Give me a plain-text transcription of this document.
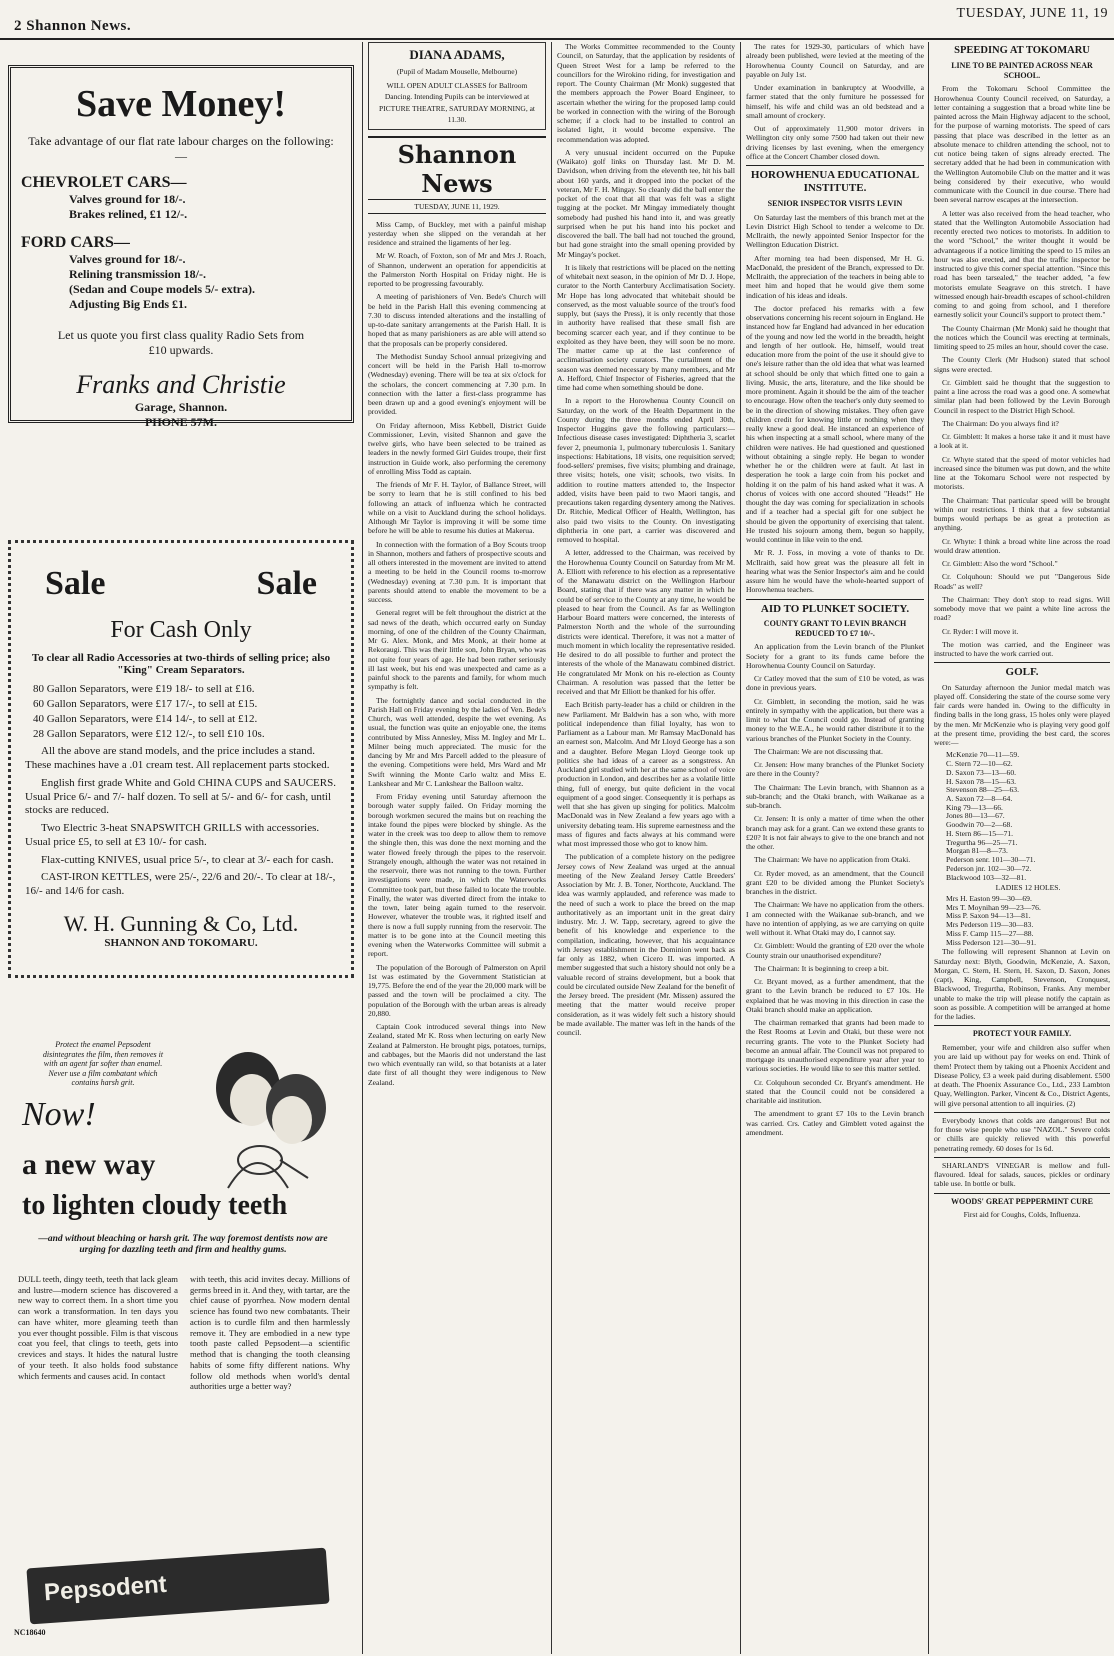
2 Shannon News.
TUESDAY, JUNE 11, 19
Save Money!
Take advantage of our flat rate labour charges on the following:—
CHEVROLET CARS—
Valves ground for 18/-.
Brakes relined, £1 12/-.
FORD CARS—
Valves ground for 18/-.
Relining transmission 18/-.
(Sedan and Coupe models 5/- extra).
Adjusting Big Ends £1.
Let us quote you first class quality Radio Sets from £10 upwards.
Franks and Christie
Garage, Shannon.
PHONE 57M.
Sale	Sale
For Cash Only
To clear all Radio Accessories at two-thirds of selling price; also "King" Cream Separators.
80 Gallon Separators, were £19 18/- to sell at £16.
60 Gallon Separators, were £17 17/-, to sell at £15.
40 Gallon Separators, were £14 14/-, to sell at £12.
28 Gallon Separators, were £12 12/-, to sell £10 10s.
All the above are stand models, and the price includes a stand. These machines have a .01 cream test. All replacement parts stocked.
English first grade White and Gold CHINA CUPS and SAUCERS. Usual Price 6/- and 7/- half dozen. To sell at 5/- and 6/- for cash, until stocks are reduced.
Two Electric 3-heat SNAPSWITCH GRILLS with accessories. Usual price £5, to sell at £3 10/- for cash.
Flax-cutting KNIVES, usual price 5/-, to clear at 3/- each for cash.
CAST-IRON KETTLES, were 25/-, 22/6 and 20/-. To clear at 18/-, 16/- and 14/6 for cash.
W. H. Gunning & Co, Ltd.
SHANNON AND TOKOMARU.
Protect the enamel Pepsodent disintegrates the film, then removes it with an agent far softer than enamel. Never use a film combatant which contains harsh grit.
Now!
a new way
to lighten cloudy teeth
—and without bleaching or harsh grit. The way foremost dentists now are urging for dazzling teeth and firm and healthy gums.
DULL teeth, dingy teeth, teeth that lack gleam and lustre—modern science has discovered a new way to correct them. In a short time you can work a transformation. In ten days you can have whiter, more gleaming teeth than you ever thought possible. Film is that viscous coat you feel, that clings to teeth, gets into crevices and stays. It hides the natural lustre of your teeth. It also holds food substance which ferments and causes acid. In contact
with teeth, this acid invites decay. Millions of germs breed in it. And they, with tartar, are the chief cause of pyorrhea. Now modern dental science has found two new combatants. Their action is to curdle film and then harmlessly remove it. They are embodied in a new type tooth paste called Pepsodent—a scientific method that is changing the tooth cleansing habits of some fifty different nations. Why follow old methods when world's dental authorities urge a better way?
Pepsodent
NC18640
DIANA ADAMS,
(Pupil of Madam Mouselle, Melbourne)
WILL OPEN ADULT CLASSES for Ballroom Dancing. Intending Pupils can be interviewed at PICTURE THEATRE, SATURDAY MORNING, at 11.30.
Shannon News
TUESDAY, JUNE 11, 1929.

Miss Camp, of Buckley, met with a painful mishap yesterday when she slipped on the verandah at her residence and strained the ligaments of her leg.

Mr W. Roach, of Foxton, son of Mr and Mrs J. Roach, of Shannon, underwent an operation for appendicitis at the Palmerston North Hospital on Friday night. He is reported to be progressing favourably.

A meeting of parishioners of Ven. Bede's Church will be held in the Parish Hall this evening commencing at 7.30 to discuss intended alterations and the installing of up-to-date sanitary arrangements at the Parish Hall. It is hoped that as many parishioners as are able will attend so that the proposals can be properly considered.

The Methodist Sunday School annual prizegiving and concert will be held in the Parish Hall to-morrow (Wednesday) evening. There will be tea at six o'clock for the scholars, the concert commencing at 7.30 p.m. In connection with the latter a first-class programme has been drawn up and a good evening's enjoyment will be provided.

On Friday afternoon, Miss Kebbell, District Guide Commissioner, Levin, visited Shannon and gave the twelve girls, who have been selected to be trained as leaders in the newly formed Girl Guides troupe, their first instruction in Guide work, also performing the ceremony of enrolling Miss Todd as captain.

The friends of Mr F. H. Taylor, of Ballance Street, will be sorry to learn that he is still confined to his bed following an attack of influenza which he contracted while on a visit to Auckland during the school holidays. Although Mr Taylor is improving it will be some time before he will be able to resume his duties at Makerua.

In connection with the formation of a Boy Scouts troop in Shannon, mothers and fathers of prospective scouts and all others interested in the movement are invited to attend a meeting to be held in the Council rooms to-morrow (Wednesday) evening at 7.30 p.m. It is important that parents should attend to enable the movement to be a success.

General regret will be felt throughout the district at the sad news of the death, which occurred early on Sunday morning, of one of the children of the County Chairman, Mr G. Alex. Monk, and Mrs Monk, at their home at Rekoraugi. This was their little son, John Bryan, who was not quite four years of age. He had been rather seriously ill last week, but his end was unexpected and came as a painful shock to the parents and family, for whom much sympathy is felt.

The fortnightly dance and social conducted in the Parish Hall on Friday evening by the ladies of Ven. Bede's Church, was well attended, despite the wet evening. As usual, the function was quite an enjoyable one, the items contributed by Miss Annesley, Miss M. Ingley and Mr L. Milner being much appreciated. The music for the dancing by Mr and Mrs Parcell added to the pleasure of the evening. Competitions were held, Mrs Ward and Mr Swift winning the Monte Carlo waltz and Miss E. Lankshear and Mr C. Lankshear the Balloon waltz.

From Friday evening until Saturday afternoon the borough water supply failed. On Friday morning the borough workmen secured the mains but on reaching the intake found the pipes were blocked by shingle. As the water in the creek was too deep to allow them to remove the shingle then, this was done the next morning and the water flowed freely through the pipes to the reservoir. Strangely enough, although the water was not retained in the reservoir, there was not running to the town. Further investigations were made, in which the Waterworks Committee took part, but these failed to locate the trouble. Finally, the water was diverted direct from the intake to the town, later being again turned to the reservoir. However, whatever the trouble was, it righted itself and there is now a full supply running from the reservoir. The matter is to be gone into at the Council meeting this evening when the Waterworks Committee will submit a report.

The population of the Borough of Palmerston on April 1st was estimated by the Government Statistician at 19,775. Before the end of the year the 20,000 mark will be passed and the town will be proclaimed a city. The population of the Borough with the urban areas is already 20,880.

Captain Cook introduced several things into New Zealand, stated Mr K. Ross when lecturing on early New Zealand at Palmerston. He brought pigs, potatoes, turnips, and cabbages, but the Maoris did not understand the last two which eventually ran wild, so that botanists at a later date first of all thought they were indigenous to New Zealand.

The Works Committee recommended to the County Council, on Saturday, that the application by residents of Queen Street West for a lamp be referred to the councillors for the Wirokino riding, for investigation and report. The County Chairman (Mr Monk) suggested that the members approach the Power Board Engineer, to ascertain whether the wiring for the proposed lamp could be worked in connection with the wiring of the Borough scheme; if a clock had to be installed to control an isolated light, it would become expensive. The recommendation was adopted.

A very unusual incident occurred on the Pupuke (Waikato) golf links on Thursday last. Mr D. M. Davidson, when driving from the eleventh tee, hit his ball about 160 yards, and it dropped into the pocket of the veteran, Mr F. H. Mingay. So cleanly did the ball enter the pocket of the coat that all that was felt was a slight tugging at the pocket. Mr Mingay immediately thought somebody had pushed his hand into it, and was greatly surprised when he put his hand into his pocket and discovered the ball. The ball had not touched the ground, but had gone straight into the small opening provided by Mr Mingay's pocket.

It is likely that restrictions will be placed on the netting of whitebait next season, in the opinion of Mr D. J. Hope, curator to the North Canterbury Acclimatisation Society. Mr Hope has long advocated that whitebait should be conserved, as the most valuable source of the trout's food supply, but (says the Press), it is only recently that those in authority have realised that these small fish are becoming scarcer each year, and if they continue to be exploited as they have been, they will soon be no more. The matter came up at the last conference of acclimatisation society curators. The curtailment of the season was deemed necessary by many members, and Mr A. Hefford, Chief Inspector of Fisheries, agreed that the time had come when something should be done.

In a report to the Horowhenua County Council on Saturday, on the work of the Health Department in the County during the three months ended April 30th, Inspector Huggins gave the following particulars:—Infectious disease cases investigated: Diphtheria 3, scarlet fever 2, pneumonia 1, pulmonary tuberculosis 1. Sanitary inspections: Habitations, 18 visits, one requisition served; food-sellers' premises, five visits; plumbing and drainage, three visits; hotels, one visit; schools, two visits. In addition to routine matters attended to, the Inspector added, visits have been paid to two Maori tangis, and precautions taken regarding dysentery among the Natives. Dr. Ritchie, Medical Officer of Health, Wellington, has also paid two visits to the County. On investigating diphtheria in one part, a carrier was discovered and removed to hospital.

A letter, addressed to the Chairman, was received by the Horowhenua County Council on Saturday from Mr M. A. Elliott with reference to his election as a representative of the Manawatu district on the Wellington Harbour Board, stating that if there was any matter in which he could be of service to the County at any time, he would be pleased to hear from the Council. As far as Wellington Harbour Board matters were concerned, the interests of Palmerston North and the whole of the surrounding districts were identical. Therefore, it was not a matter of much moment in which locality the representative resided. He desired to do all possible to further and protect the interests of the whole of the Manawatu combined district. He congratulated Mr Monk on his re-election as County Chairman. A resolution was passed that the letter be received and that Mr Elliott be thanked for his offer.

Each British party-leader has a child or children in the new Parliament. Mr Baldwin has a son who, with more political independence than filial loyalty, has won to Parliament as a Labour man. Mr Ramsay MacDonald has an earnest son, Malcolm. And Mr Lloyd George has a son and a daughter. Before Megan Lloyd George took up politics she had ideas of a career as a songstress. An Auckland girl studied with her at the same school of voice production in London, and describes her as a volatile little thing, full of energy, but quite deficient in the vocal equipment of a good singer. Consequently it is perhaps as well that she has given up singing for politics. Malcolm MacDonald was in New Zealand a few years ago with a university debating team. His supreme earnestness and the mass of figures and facts always at his command were what most impressed those who got to know him.

The publication of a complete history on the pedigree Jersey cows of New Zealand was urged at the annual meeting of the New Zealand Jersey Cattle Breeders' Association by Mr. J. B. Toner, Northcote, Auckland. The idea was warmly applauded, and reference was made to the need of such a work to place the breed on the map authoritatively as an important unit in the great dairy industry. Mr. J. W. Tapp, secretary, agreed to give the benefit of his knowledge and experience to the compilation, indicating, however, that his acquaintance with Jersey establishment in the Dominion went back as far only as 1882, when Cicero II. was imported. A member suggested that such a history should not only be a valuable record of strains development, but a book that could be circulated outside New Zealand for the benefit of the Jersey breed. The president (Mr. Missen) assured the meeting that the matter would receive proper consideration, as it was widely felt such a history should be made available. The matter was left in the hands of the council.

The rates for 1929-30, particulars of which have already been published, were levied at the meeting of the Horowhenua County Council on Saturday, and are payable on July 1st.

Under examination in bankruptcy at Woodville, a farmer stated that the only furniture he possessed for himself, his wife and child was an old bedstead and a small amount of crockery.

Out of approximately 11,900 motor drivers in Wellington city only some 7500 had taken out their new driving licenses by last evening, when the emergency office at the Concert Chamber closed down.

HOROWHENUA EDUCATIONAL INSTITUTE.
SENIOR INSPECTOR VISITS LEVIN

On Saturday last the members of this branch met at the Levin District High School to tender a welcome to Dr. McIlraith, the newly appointed Senior Inspector for the Wellington Education District.

After morning tea had been dispensed, Mr H. G. MacDonald, the president of the Branch, expressed to Dr. McIlraith, the appreciation of the teachers in being able to meet him and hoped that he would give them some indication of his ideas and ideals.

The doctor prefaced his remarks with a few observations concerning his recent sojourn in England. He instanced how far England had advanced in her education of the young and now led the world in the breadth, height and length of her outlook. He, himself, would treat education more from the point of the use it should give to one's leisure rather than the old idea that what was learned at school should be only that which fitted one to gain a living. Music, the arts, literature, and the like should be more prominent. Again it should be the aim of the teacher to encourage. How often the teacher's only duty seemed to be in the direction of showing mistakes. They often gave children credit for knowing little or nothing when they really knew a good deal. He instanced an experience of his when inspecting at a small school, where many of the children were natives. He had questioned and questioned without obtaining a single reply. He began to wonder whether he or the children were at fault. At last in desperation he took a large coin from his pocket and holding it on the palm of his hand asked what it was. A chorus of voices with one accord shouted "Heads!" He thought the day was coming for specialization in schools and if a teacher had a special gift for one subject he should be given the opportunity of exercising that talent. He trusted his sojourn among them, begun so happily, would continue in like vein to the end.

Mr R. J. Foss, in moving a vote of thanks to Dr. McIlraith, said how great was the pleasure all felt in hearing what was the Senior Inspector's aim and he could assure him he would have the whole-hearted support of Horowhenua teachers.

AID TO PLUNKET SOCIETY.
COUNTY GRANT TO LEVIN BRANCH REDUCED TO £7 10/-.

An application from the Levin branch of the Plunket Society for a grant to its funds came before the Horowhenua County Council on Saturday.

Cr Catley moved that the sum of £10 be voted, as was done in previous years.

Cr. Gimblett, in seconding the motion, said he was entirely in sympathy with the application, but there was a limit to what the Council could go. Instead of granting money to the W.E.A., he would rather distribute it to the various branches of the Plunket Society in the County.

The Chairman: We are not discussing that.

Cr. Jensen: How many branches of the Plunket Society are there in the County?

The Chairman: The Levin branch, with Shannon as a sub-branch; and the Otaki branch, with Waikanae as a sub-branch.

Cr. Jensen: It is only a matter of time when the other branch may ask for a grant. Can we extend these grants to £20? It is not fair always to give to the one branch and not the other.

The Chairman: We have no application from Otaki.

Cr. Ryder moved, as an amendment, that the Council grant £20 to be divided among the Plunket Society's branches in the district.

The Chairman: We have no application from the others. I am connected with the Waikanae sub-branch, and we have no intention of applying, as we are carrying on quite well without it. What Otaki may do, I cannot say.

Cr. Gimblett: Would the granting of £20 over the whole County strain our unauthorised expenditure?

The Chairman: It is beginning to creep a bit.

Cr. Bryant moved, as a further amendment, that the grant to the Levin branch be reduced to £7 10s. He explained that he was moving in this direction in case the Otaki branch should make an application.

The chairman remarked that grants had been made to the Rest Rooms at Levin and Otaki, but these were not recurring grants. The vote to the Plunket Society had become an annual affair. The Council was not prepared to mortgage its unauthorised expenditure year after year to various societies. He would like to see this matter settled.

Cr. Colquhoun seconded Cr. Bryant's amendment. He stated that the Council could not be considered a charitable aid institution.

The amendment to grant £7 10s to the Levin branch was carried. Crs. Catley and Gimblett voted against the amendment.

SPEEDING AT TOKOMARU
LINE TO BE PAINTED ACROSS NEAR SCHOOL.

From the Tokomaru School Committee the Horowhenua County Council received, on Saturday, a letter containing a suggestion that a broad white line be painted across the Main Highway adjacent to the school, for the purpose of warning motorists. The speed of cars passing that place was described in the letter as an absolute menace to children attending the school, not to cut notice being taken of signs already erected. The secretary added that he had been in communication with the Wellington Automobile Club on the matter and it was being considered by their executive, who would communicate with the Council in due course. There had been several narrow escapes at the intersection.

A letter was also received from the head teacher, who stated that the Wellington Automobile Association had recently erected two notices to motorists. In addition to the word "School," the writer thought it would be advantageous if a notice limiting the speed to 15 miles an hour was also erected, and that the traffic inspector be instructed to give this corner special attention. "Since this road has been tarsealed," the teacher added, "a few motorists emulate Seagrave on this stretch. I have witnessed enough hair-breadth escapes of school-children coming to and going from school, and I therefore earnestly solicit your Council's support to protect them."

The County Chairman (Mr Monk) said he thought that the notices which the Council was erecting at terminals, limiting speed to 25 miles an hour, should cover the case.

The County Clerk (Mr Hudson) stated that school signs were erected.

Cr. Gimblett said he thought that the suggestion to paint a line across the road was a good one. A somewhat similar plan had been followed by the Levin Borough Council in respect to the District High School.

The Chairman: Do you always find it?

Cr. Gimblett: It makes a horse take it and it must have a look at it.

Cr. Whyte stated that the speed of motor vehicles had increased since the bitumen was put down, and the white line at the Tokomaru School were not respected by motorists.

The Chairman: That particular speed will be brought within our restrictions. I think that a few substantial bumps would perhaps be as great a protection as anything.

Cr. Whyte: I think a broad white line across the road would draw attention.

Cr. Gimblett: Also the word "School."

Cr. Colquhoun: Should we put "Dangerous Side Roads" as well?

The Chairman: They don't stop to read signs. Will somebody move that we paint a white line across the road?

Cr. Ryder: I will move it.

The motion was carried, and the Engineer was instructed to have the work carried out.

GOLF.

On Saturday afternoon the Junior medal match was played off. Considering the state of the course some very fair cards were handed in. Owing to the difficulty in finding balls in the long grass, 15 holes only were played by the men. Mr McKenzie who is playing very good golf at the present time, providing the best card, the scores were:—

McKenzie 70—11—59.
C. Stern 72—10—62.
D. Saxon 73—13—60.
H. Saxon 78—15—63.
Stevenson 88—25—63.
A. Saxon 72—8—64.
King 79—13—66.
Jones 80—13—67.
Goodwin 70—2—68.
H. Stern 86—15—71.
Tregurtha 96—25—71.
Morgan 81—8—73.
Pederson senr. 101—30—71.
Pederson jnr. 102—30—72.
Blackwood 103—32—81.
LADIES 12 HOLES.
Mrs H. Easton 99—30—69.
Mrs T. Moynihan 99—23—76.
Miss P. Saxon 94—13—81.
Mrs Pederson 119—30—83.
Miss F. Camp 115—27—88.
Miss Pederson 121—30—91.

The following will represent Shannon at Levin on Saturday next: Blyth, Goodwin, McKenzie, A. Saxon, Morgan, C. Stern, H. Stern, H. Saxon, D. Saxon, Jones (capt), King, Campbell, Stevenson, Cronquest, Blackwood, Tregurtha, Robinson, Franks. Any member unable to make the trip will please notify the captain as soon as possible. A competition will be arranged at home for the ladies.

PROTECT YOUR FAMILY.

Remember, your wife and children also suffer when you are laid up without pay for weeks on end. Think of them! Protect them by taking out a Phoenix Accident and Disease Policy, £3 a week paid during disablement. £500 at death. The Phoenix Assurance Co., Ltd., 233 Lambton Quay, Wellington. Parker, Vincent & Co., District Agents, will give personal attention to all inquiries. (2)

Everybody knows that colds are dangerous! But not for those wise people who use "NAZOL." Severe colds or chills are quickly relieved with this powerful penetrating remedy. 60 doses for 1s 6d.

SHARLAND'S VINEGAR is mellow and full-flavoured. Ideal for salads, sauces, pickles or ordinary table use. In bottle or bulk.

WOODS' GREAT PEPPERMINT CURE
First aid for Coughs, Colds, Influenza.
